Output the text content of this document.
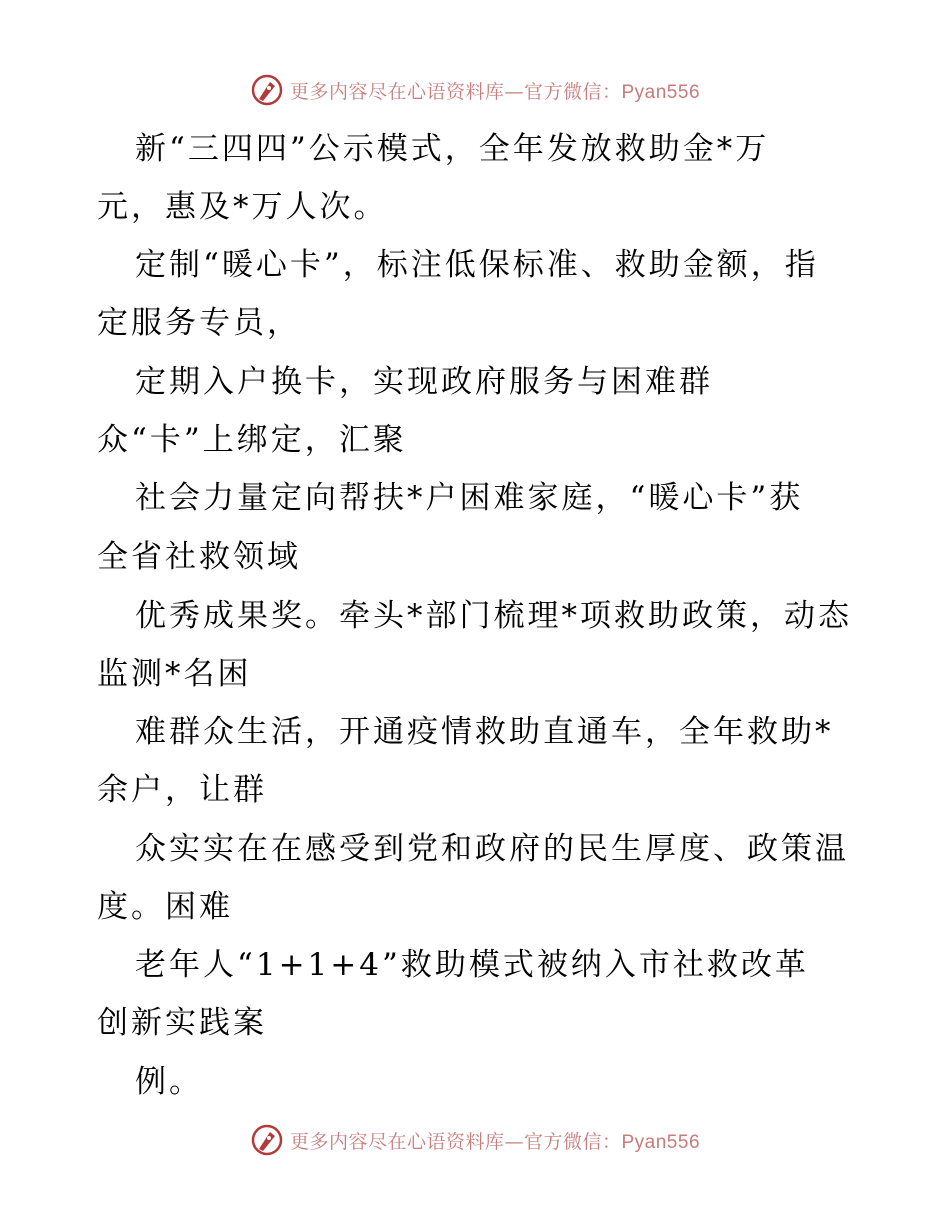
更多内容尽在心语资料库—官方微信：Pyan556
新“三四四”公示模式，全年发放救助金*万
元，惠及*万人次。
定制“暖心卡”，标注低保标准、救助金额，指
定服务专员，
定期入户换卡，实现政府服务与困难群
众“卡”上绑定，汇聚
社会力量定向帮扶*户困难家庭，“暖心卡”获
全省社救领域
优秀成果奖。牵头*部门梳理*项救助政策，动态
监测*名困
难群众生活，开通疫情救助直通车，全年救助*
余户，让群
众实实在在感受到党和政府的民生厚度、政策温
度。困难
老年人“1+1+4”救助模式被纳入市社救改革
创新实践案
例。
更多内容尽在心语资料库—官方微信：Pyan556
